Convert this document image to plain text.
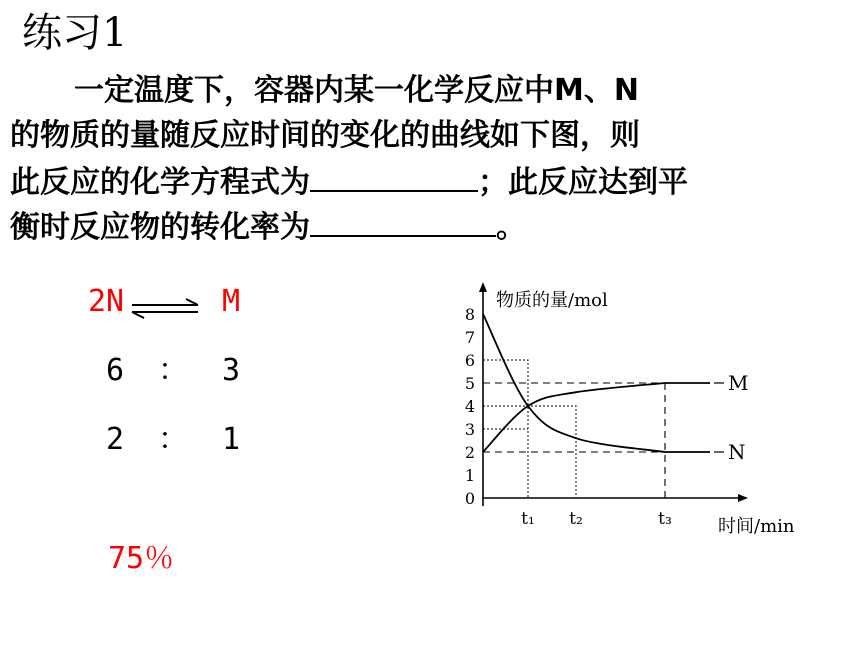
练习1
一定温度下，容器内某一化学反应中M、N
的物质的量随反应时间的变化的曲线如下图，则
此反应的化学方程式为	；此反应达到平
衡时反应物的转化率为	。
2N	M
6 ： 3
2 ： 1
75％
物质的量/mol
时间/min
0
1
2
3
4
5
6
7
8
t₁ t₂	t₃
M
N
